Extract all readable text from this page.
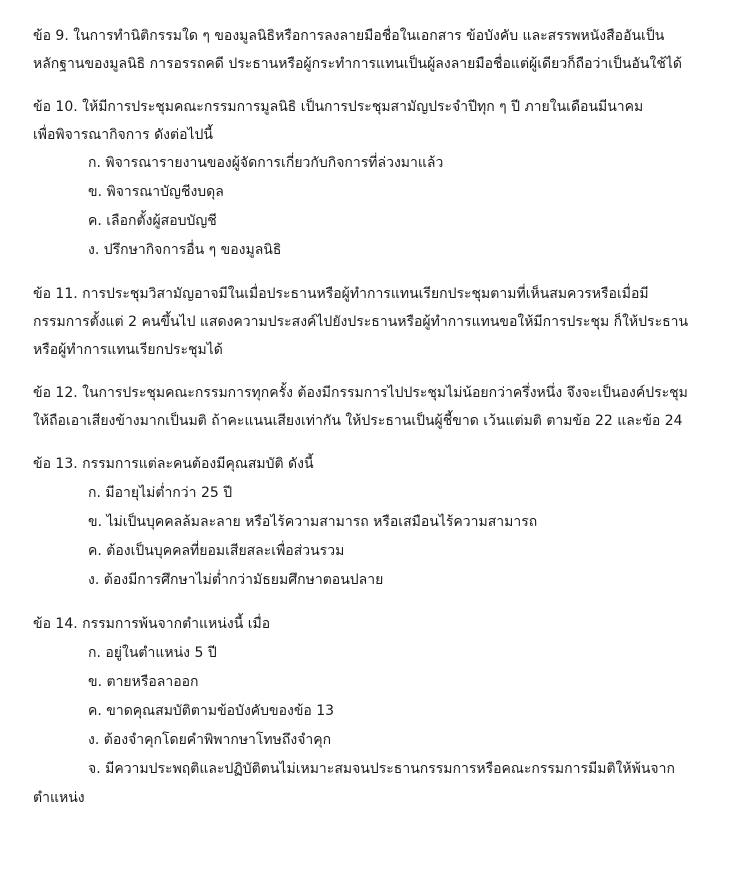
ข้อ 9. ในการทำนิติกรรมใด ๆ ของมูลนิธิหรือการลงลายมือชื่อในเอกสาร ข้อบังคับ และสรรพหนังสืออันเป็น

หลักฐานของมูลนิธิ การอรรถคดี ประธานหรือผู้กระทำการแทนเป็นผู้ลงลายมือชื่อแต่ผู้เดียวก็ถือว่าเป็นอันใช้ได้

ข้อ 10. ให้มีการประชุมคณะกรรมการมูลนิธิ เป็นการประชุมสามัญประจำปีทุก ๆ ปี ภายในเดือนมีนาคม

เพื่อพิจารณากิจการ ดังต่อไปนี้

ก. พิจารณารายงานของผู้จัดการเกี่ยวกับกิจการที่ล่วงมาแล้ว

ข. พิจารณาบัญชีงบดุล

ค. เลือกตั้งผู้สอบบัญชี

ง. ปรึกษากิจการอื่น ๆ ของมูลนิธิ

ข้อ 11. การประชุมวิสามัญอาจมีในเมื่อประธานหรือผู้ทำการแทนเรียกประชุมตามที่เห็นสมควรหรือเมื่อมี

กรรมการตั้งแต่ 2 คนขึ้นไป แสดงความประสงค์ไปยังประธานหรือผู้ทำการแทนขอให้มีการประชุม ก็ให้ประธาน

หรือผู้ทำการแทนเรียกประชุมได้

ข้อ 12. ในการประชุมคณะกรรมการทุกครั้ง ต้องมีกรรมการไปประชุมไม่น้อยกว่าครึ่งหนึ่ง จึงจะเป็นองค์ประชุม

ให้ถือเอาเสียงข้างมากเป็นมติ ถ้าคะแนนเสียงเท่ากัน ให้ประธานเป็นผู้ชี้ขาด เว้นแต่มติ ตามข้อ 22 และข้อ 24

ข้อ 13. กรรมการแต่ละคนต้องมีคุณสมบัติ ดังนี้

ก. มีอายุไม่ต่ำกว่า 25 ปี

ข. ไม่เป็นบุคคลล้มละลาย หรือไร้ความสามารถ หรือเสมือนไร้ความสามารถ

ค. ต้องเป็นบุคคลที่ยอมเสียสละเพื่อส่วนรวม

ง. ต้องมีการศึกษาไม่ต่ำกว่ามัธยมศึกษาตอนปลาย

ข้อ 14. กรรมการพ้นจากตำแหน่งนี้ เมื่อ

ก. อยู่ในตำแหน่ง 5 ปี

ข. ตายหรือลาออก

ค. ขาดคุณสมบัติตามข้อบังคับของข้อ 13

ง. ต้องจำคุกโดยคำพิพากษาโทษถึงจำคุก

จ. มีความประพฤติและปฏิบัติตนไม่เหมาะสมจนประธานกรรมการหรือคณะกรรมการมีมติให้พ้นจาก

ตำแหน่ง
